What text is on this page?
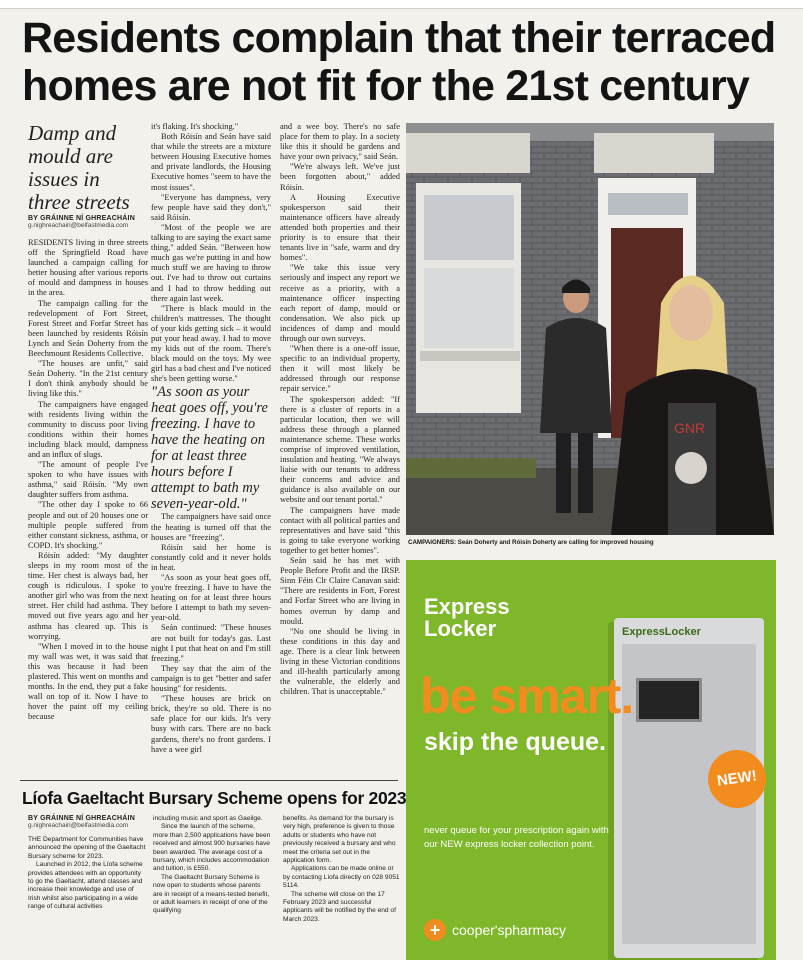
Residents complain that their terraced
homes are not fit for the 21st century
Damp and
mould are
issues in
three streets
BY GRÁINNE NÍ GHREACHÁIN
g.nighreachain@belfastmedia.com

RESIDENTS living in three streets off the Springfield Road have launched a campaign calling for better housing after various reports of mould and dampness in houses in the area.

The campaign calling for the redevelopment of Fort Street, Forest Street and Forfar Street has been launched by residents Róisín Lynch and Seán Doherty from the Beechmount Residents Collective.

"The houses are unfit," said Seán Doherty. "In the 21st century I don't think anybody should be living like this."

The campaigners have engaged with residents living within the community to discuss poor living conditions within their homes including black mould, dampness and an influx of slugs.

"The amount of people I've spoken to who have issues with asthma," said Róisín. "My own daughter suffers from asthma.

"The other day I spoke to 66 people and out of 20 houses one or multiple people suffered from either constant sickness, asthma, or COPD. It's shocking."

Róisín added: "My daughter sleeps in my room most of the time. Her chest is always bad, her cough is ridiculous. I spoke to another girl who was from the next street. Her child had asthma. They moved out five years ago and her asthma has cleared up. This is worrying.

"When I moved in to the house my wall was wet, it was said that this was because it had been plastered. This went on months and months. In the end, they put a fake wall on top of it. Now I have to hover the paint off my ceiling because

it's flaking. It's shocking."

Both Róisín and Seán have said that while the streets are a mixture between Housing Executive homes and private landlords, the Housing Executive homes "seem to have the most issues".

"Everyone has dampness, very few people have said they don't," said Róisín.

"Most of the people we are talking to are saying the exact same thing," added Seán. "Between how much gas we're putting in and how much stuff we are having to throw out. I've had to throw out curtains and I had to throw bedding out there again last week.

"There is black mould in the children's mattresses. The thought of your kids getting sick – it would put your head away. I had to move my kids out of the room. There's black mould on the toys. My wee girl has a bad chest and I've noticed she's been getting worse."

"As soon as your heat goes off, you're freezing. I have to have the heating on for at least three hours before I attempt to bath my seven-year-old."

The campaigners have said once the heating is turned off that the houses are "freezing".

Róisín said her home is constantly cold and it never holds in heat.

"As soon as your heat goes off, you're freezing. I have to have the heating on for at least three hours before I attempt to bath my seven-year-old.

Seán continued: "These houses are not built for today's gas. Last night I put that heat on and I'm still freezing."

They say that the aim of the campaign is to get "better and safer housing" for residents.

"These houses are brick on brick, they're so old. There is no safe place for our kids. It's very busy with cars. There are no back gardens, there's no front gardens. I have a wee girl

and a wee boy. There's no safe place for them to play. In a society like this it should be gardens and have your own privacy," said Seán.

"We're always left. We've just been forgotten about," added Róisín.

A Housing Executive spokesperson said their maintenance officers have already attended both properties and their priority is to ensure that their tenants live in "safe, warm and dry homes".

"We take this issue very seriously and inspect any report we receive as a priority, with a maintenance officer inspecting each report of damp, mould or condensation. We also pick up incidences of damp and mould through our own surveys.

"When there is a one-off issue, specific to an individual property, then it will most likely be addressed through our response repair service."

The spokesperson added: "If there is a cluster of reports in a particular location, then we will address these through a planned maintenance scheme. These works comprise of improved ventilation, insulation and heating. "We always liaise with our tenants to address their concerns and advice and guidance is also available on our website and our tenant portal."

The campaigners have made contact with all political parties and representatives and have said "this is going to take everyone working together to get better homes".

Seán said he has met with People Before Profit and the IRSP. Sinn Féin Clr Claire Canavan said: "There are residents in Fort, Forest and Forfar Street who are living in homes overrun by damp and mould.

"No one should be living in these conditions in this day and age. There is a clear link between living in these Victorian conditions and ill-health particularly among the vulnerable, the elderly and children. That is unacceptable."

GNR
CAMPAIGNERS: Seán Doherty and Róisín Doherty are calling for improved housing
Express
Locker	ExpressLocker
be smart.
skip the queue.
NEW!
never queue for your prescription again with our NEW express locker collection point.
+ cooper'spharmacy
Líofa Gaeltacht Bursary Scheme opens for 2023
BY GRÁINNE NÍ GHREACHÁIN
g.nighreachain@belfastmedia.com

THE Department for Communities have announced the opening of the Gaeltacht Bursary scheme for 2023.

Launched in 2012, the Líofa scheme provides attendees with an opportunity to go the Gaeltacht, attend classes and increase their knowledge and use of Irish whilst also participating in a wide range of cultural activities

including music and sport as Gaeilge.

Since the launch of the scheme, more than 2,500 applications have been received and almost 900 bursaries have been awarded. The average cost of a bursary, which includes accommodation and tuition, is £550.

The Gaeltacht Bursary Scheme is now open to students whose parents are in receipt of a means-tested benefit, or adult learners in receipt of one of the qualifying

benefits. As demand for the bursary is very high, preference is given to those adults or students who have not previously received a bursary and who meet the criteria set out in the application form.

Applications can be made online or by contacting Líofa directly on 028 9051 5114.

The scheme will close on the 17 February 2023 and successful applicants will be notified by the end of March 2023.
